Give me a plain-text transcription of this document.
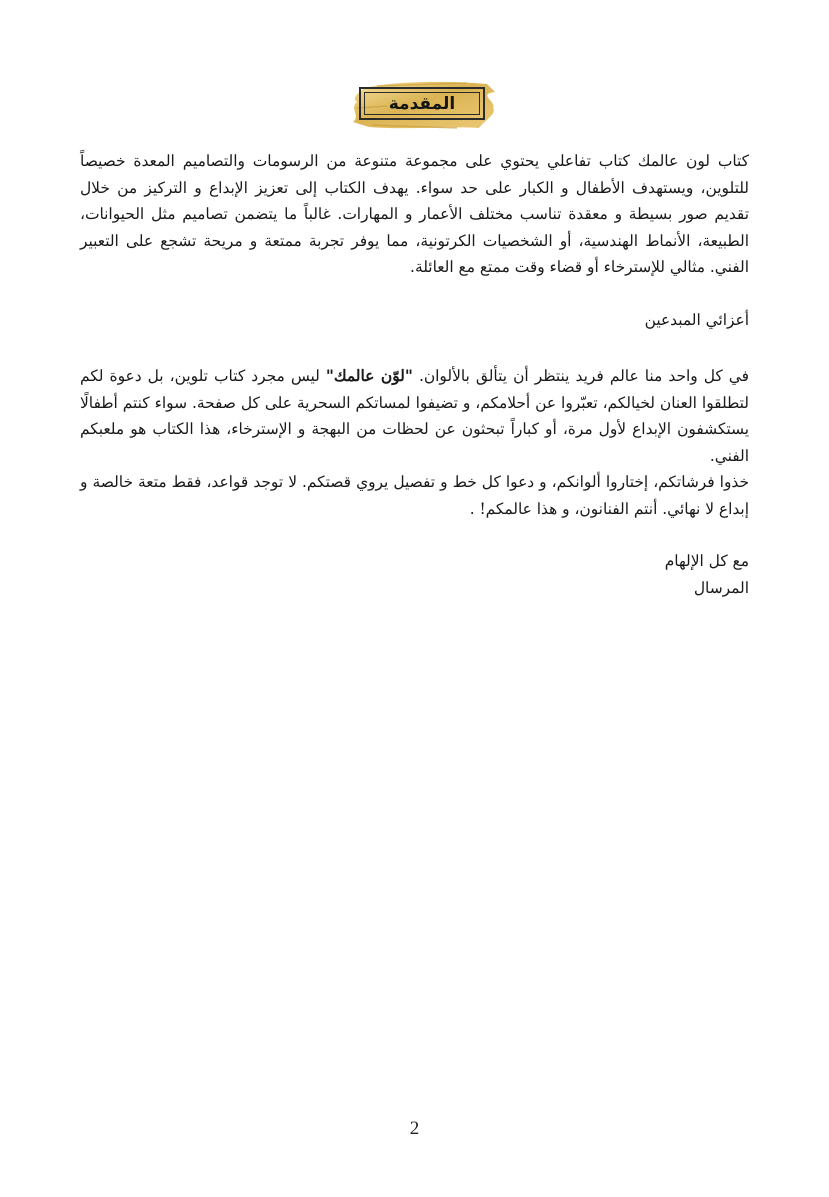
المقدمة

كتاب لون عالمك كتاب تفاعلي يحتوي على مجموعة متنوعة من الرسومات والتصاميم المعدة خصيصاً للتلوين، ويستهدف الأطفال و الكبار على حد سواء. يهدف الكتاب إلى تعزيز الإبداع و التركيز من خلال تقديم صور بسيطة و معقدة تناسب مختلف الأعمار و المهارات. غالباً ما يتضمن تصاميم مثل الحيوانات، الطبيعة، الأنماط الهندسية، أو الشخصيات الكرتونية، مما يوفر تجربة ممتعة و مريحة تشجع على التعبير الفني. مثالي للإسترخاء أو قضاء وقت ممتع مع العائلة.

أعزائي المبدعين

في كل واحد منا عالم فريد ينتظر أن يتألق بالألوان. "لوّن عالمك" ليس مجرد كتاب تلوين، بل دعوة لكم لتطلقوا العنان لخيالكم، تعبّروا عن أحلامكم، و تضيفوا لمساتكم السحرية على كل صفحة. سواء كنتم أطفالًا يستكشفون الإبداع لأول مرة، أو كباراً تبحثون عن لحظات من البهجة و الإسترخاء، هذا الكتاب هو ملعبكم الفني.

خذوا فرشاتكم، إختاروا ألوانكم، و دعوا كل خط و تفصيل يروي قصتكم. لا توجد قواعد، فقط متعة خالصة و إبداع لا نهائي. أنتم الفنانون، و هذا عالمكم! .

مع كل الإلهام

المرسال

2
